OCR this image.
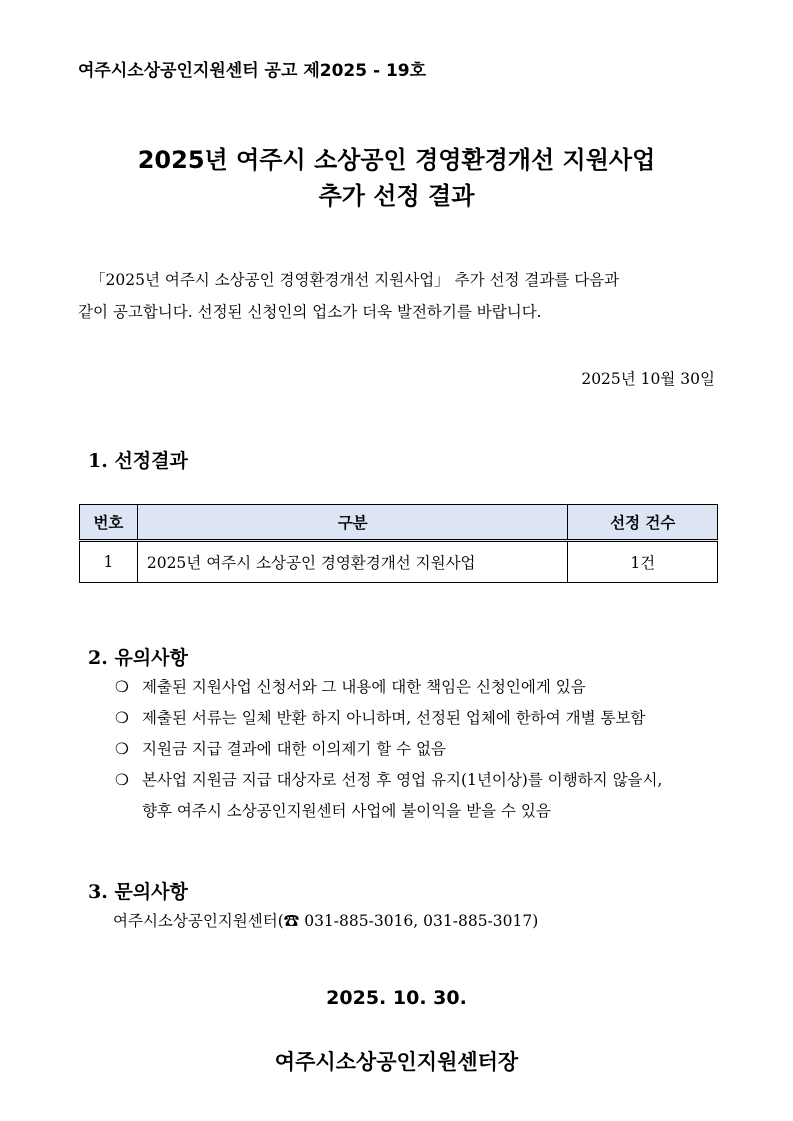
여주시소상공인지원센터 공고 제2025 - 19호
2025년 여주시 소상공인 경영환경개선 지원사업
추가 선정 결과
「2025년 여주시 소상공인 경영환경개선 지원사업」 추가 선정 결과를 다음과
같이 공고합니다. 선정된 신청인의 업소가 더욱 발전하기를 바랍니다.
2025년 10월 30일
1. 선정결과
번호	구분	선정 건수
1	2025년 여주시 소상공인 경영환경개선 지원사업	1건
2. 유의사항
❍ 제출된 지원사업 신청서와 그 내용에 대한 책임은 신청인에게 있음
❍ 제출된 서류는 일체 반환 하지 아니하며, 선정된 업체에 한하여 개별 통보함
❍ 지원금 지급 결과에 대한 이의제기 할 수 없음
❍ 본사업 지원금 지급 대상자로 선정 후 영업 유지(1년이상)를 이행하지 않을시,
향후 여주시 소상공인지원센터 사업에 불이익을 받을 수 있음
3. 문의사항
여주시소상공인지원센터(☎ 031-885-3016, 031-885-3017)
2025. 10. 30.
여주시소상공인지원센터장
